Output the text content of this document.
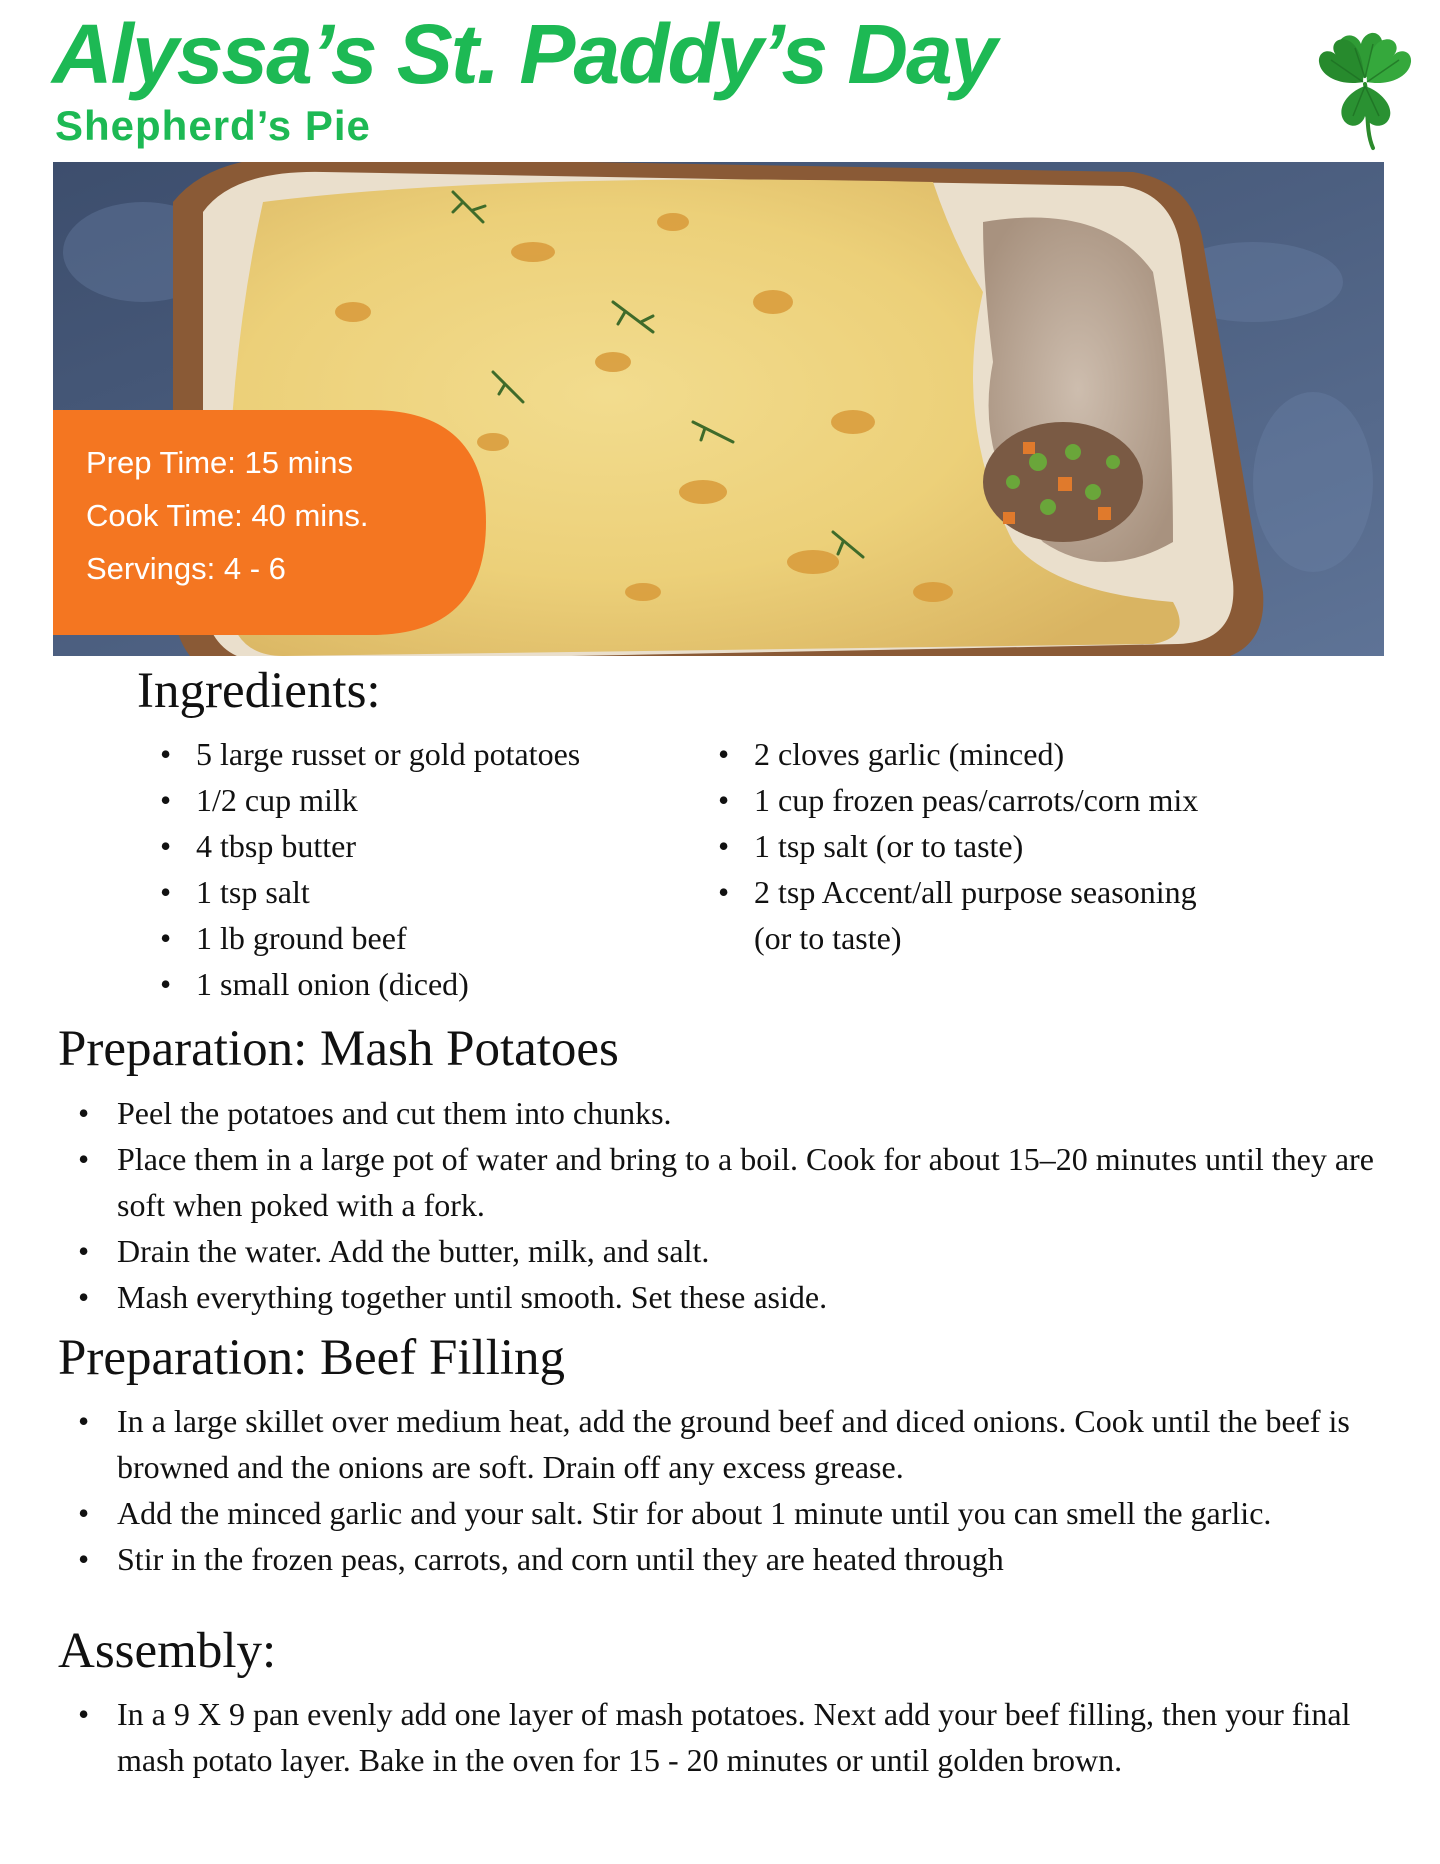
Alyssa’s St. Paddy’s Day
Shepherd’s Pie
Prep Time: 15 mins
Cook Time: 40 mins.
Servings: 4 - 6
Ingredients:
• 5 large russet or gold potatoes
• 1/2 cup milk
• 4 tbsp butter
• 1 tsp salt
• 1 lb ground beef
• 1 small onion (diced)
• 2 cloves garlic (minced)
• 1 cup frozen peas/carrots/corn mix
• 1 tsp salt (or to taste)
• 2 tsp Accent/all purpose seasoning (or to taste)
Preparation: Mash Potatoes
• Peel the potatoes and cut them into chunks.
• Place them in a large pot of water and bring to a boil. Cook for about 15–20 minutes until they are soft when poked with a fork.
• Drain the water. Add the butter, milk, and salt.
• Mash everything together until smooth. Set these aside.
Preparation: Beef Filling
• In a large skillet over medium heat, add the ground beef and diced onions. Cook until the beef is browned and the onions are soft. Drain off any excess grease.
• Add the minced garlic and your salt. Stir for about 1 minute until you can smell the garlic.
• Stir in the frozen peas, carrots, and corn until they are heated through
Assembly:
• In a 9 X 9 pan evenly add one layer of mash potatoes. Next add your beef filling, then your final mash potato layer. Bake in the oven for 15 - 20 minutes or until golden brown.
